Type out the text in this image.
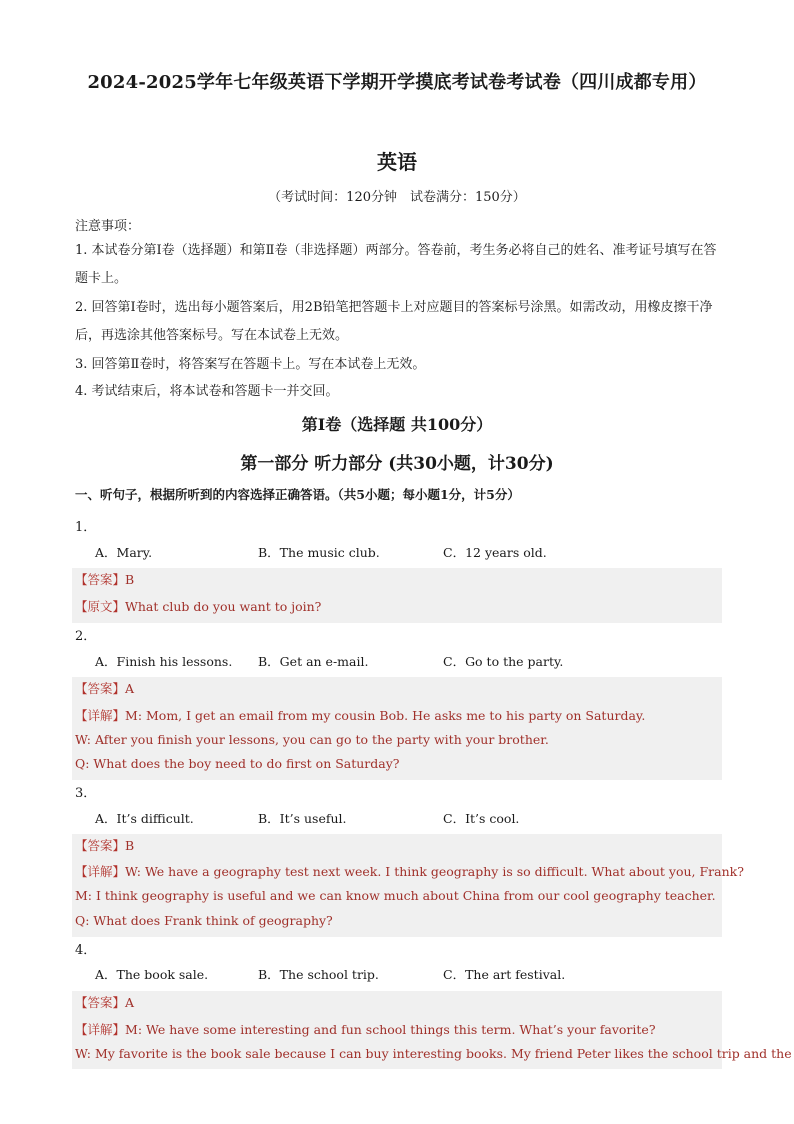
2024-2025学年七年级英语下学期开学摸底考试卷考试卷（四川成都专用）
英语
（考试时间：120分钟　试卷满分：150分）
注意事项：
1. 本试卷分第Ⅰ卷（选择题）和第Ⅱ卷（非选择题）两部分。答卷前，考生务必将自己的姓名、准考证号填写在答题卡上。
2. 回答第Ⅰ卷时，选出每小题答案后，用2B铅笔把答题卡上对应题目的答案标号涂黑。如需改动，用橡皮擦干净后，再选涂其他答案标号。写在本试卷上无效。
3. 回答第Ⅱ卷时，将答案写在答题卡上。写在本试卷上无效。
4. 考试结束后，将本试卷和答题卡一并交回。
第Ⅰ卷（选择题 共100分）
第一部分 听力部分 (共30小题，计30分)
一、听句子，根据所听到的内容选择正确答语。（共5小题；每小题1分，计5分）
1．
A．Mary.	B．The music club.	C．12 years old.
【答案】B
【原文】What club do you want to join?
2．
A．Finish his lessons. B．Get an e-mail.	C．Go to the party.
【答案】A
【详解】M: Mom, I get an email from my cousin Bob. He asks me to his party on Saturday.
W: After you finish your lessons, you can go to the party with your brother.
Q: What does the boy need to do first on Saturday?
3．
A．It’s difficult.	B．It’s useful.	C．It’s cool.
【答案】B
【详解】W: We have a geography test next week. I think geography is so difficult. What about you, Frank?
M: I think geography is useful and we can know much about China from our cool geography teacher.
Q: What does Frank think of geography?
4．
A．The book sale.	B．The school trip.	C．The art festival.
【答案】A
【详解】M: We have some interesting and fun school things this term. What’s your favorite?
W: My favorite is the book sale because I can buy interesting books. My friend Peter likes the school trip and the
